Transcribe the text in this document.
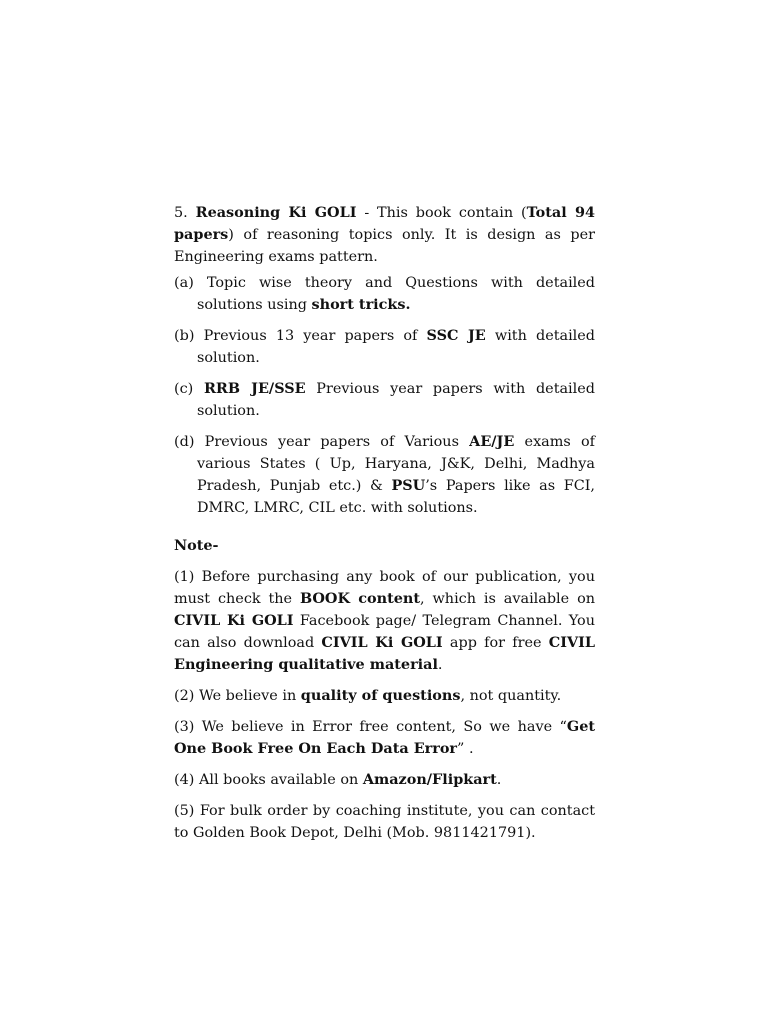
5. Reasoning Ki GOLI - This book contain (Total 94 papers) of reasoning topics only. It is design as per Engineering exams pattern.

(a) Topic wise theory and Questions with detailed solutions using short tricks.

(b) Previous 13 year papers of SSC JE with detailed solution.

(c) RRB JE/SSE Previous year papers with detailed solution.

(d) Previous year papers of Various AE/JE exams of various States ( Up, Haryana, J&K, Delhi, Madhya Pradesh, Punjab etc.) & PSU’s Papers like as FCI, DMRC, LMRC, CIL etc. with solutions.

Note-

(1) Before purchasing any book of our publication, you must check the BOOK content, which is available on CIVIL Ki GOLI Facebook page/ Telegram Channel. You can also download CIVIL Ki GOLI app for free CIVIL Engineering qualitative material.

(2) We believe in quality of questions, not quantity.

(3) We believe in Error free content, So we have “Get One Book Free On Each Data Error” .

(4) All books available on Amazon/Flipkart.

(5) For bulk order by coaching institute, you can contact to Golden Book Depot, Delhi (Mob. 9811421791).
